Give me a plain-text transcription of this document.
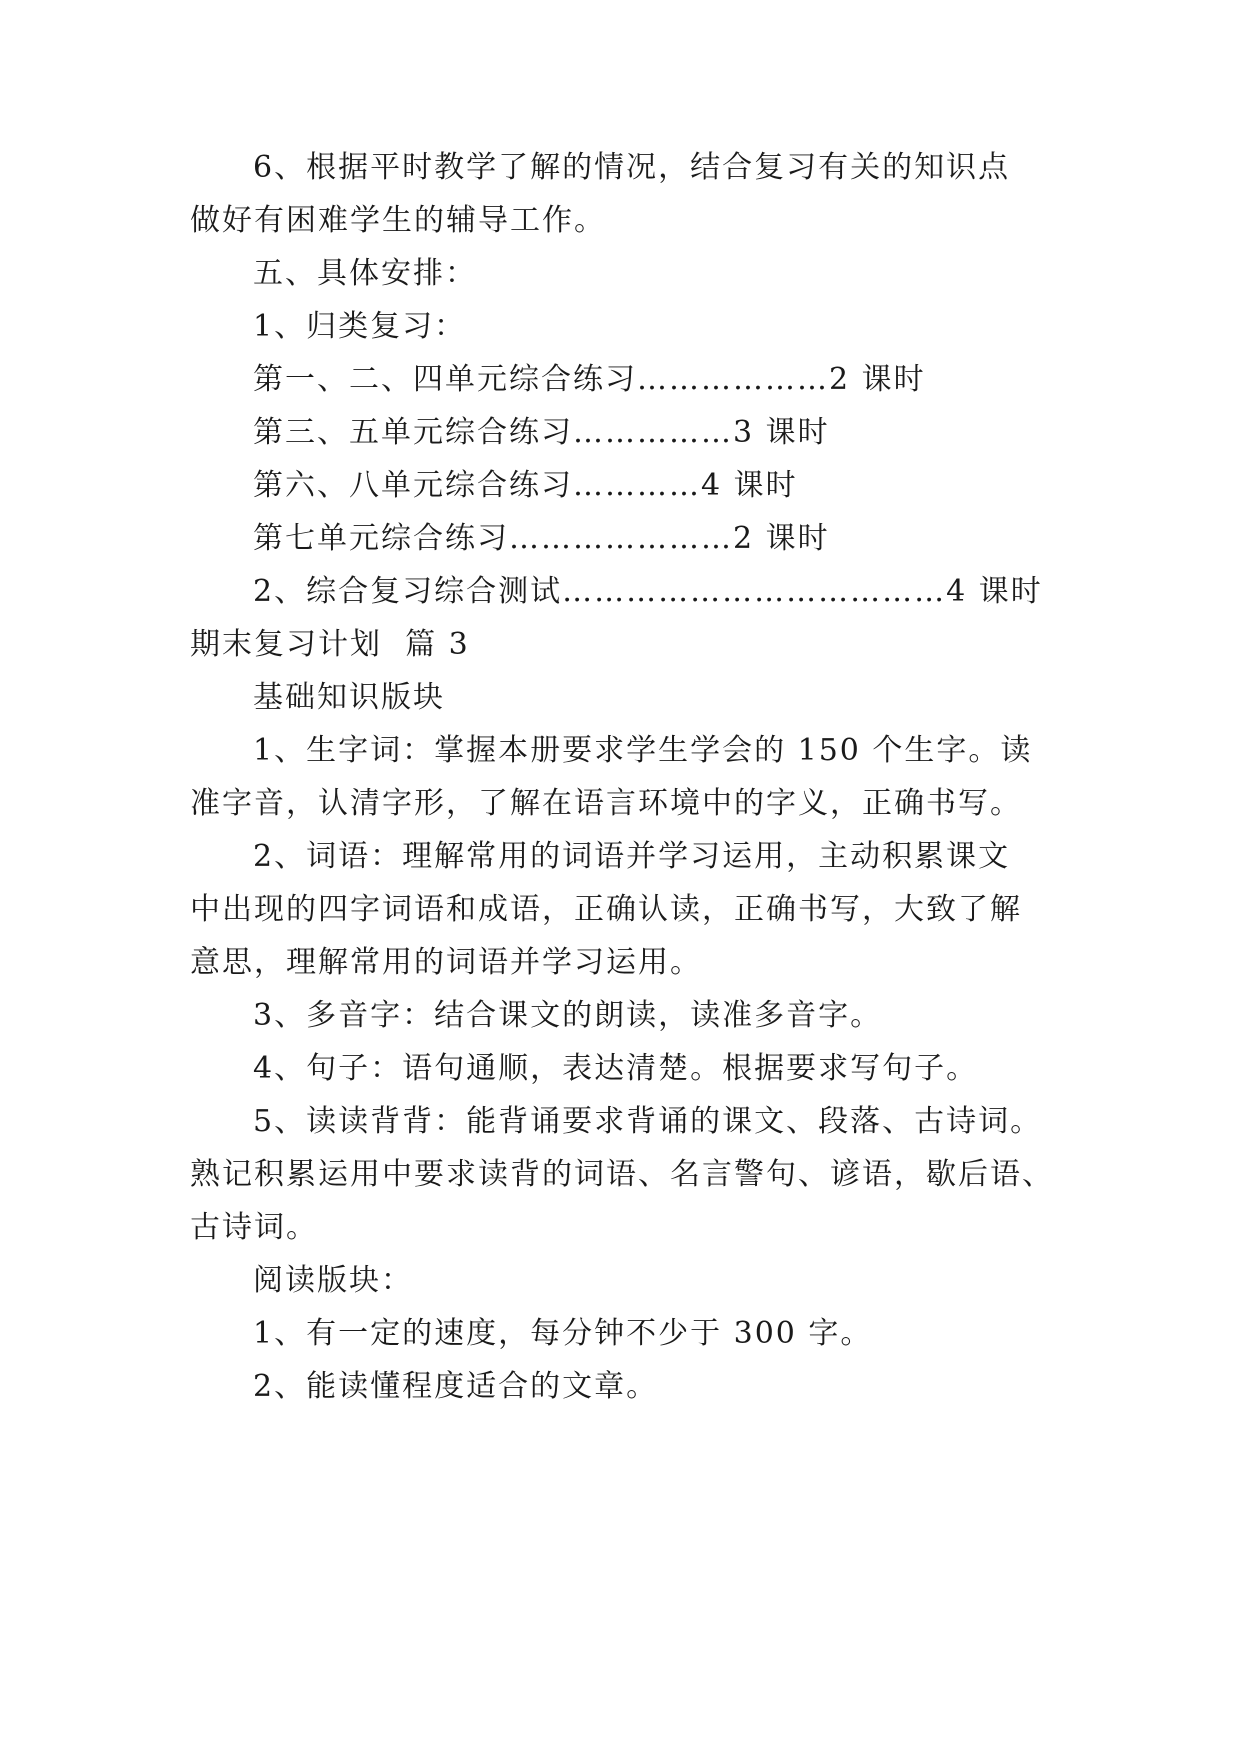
6、根据平时教学了解的情况，结合复习有关的知识点
做好有困难学生的辅导工作。
五、具体安排：
1、归类复习：
第一、二、四单元综合练习………………2 课时
第三、五单元综合练习……………3 课时
第六、八单元综合练习…………4 课时
第七单元综合练习…………………2 课时
2、综合复习综合测试………………………………4 课时
期末复习计划  篇 3
基础知识版块
1、生字词：掌握本册要求学生学会的 150 个生字。读
准字音，认清字形，了解在语言环境中的字义，正确书写。
2、词语：理解常用的词语并学习运用，主动积累课文
中出现的四字词语和成语，正确认读，正确书写，大致了解
意思，理解常用的词语并学习运用。
3、多音字：结合课文的朗读，读准多音字。
4、句子：语句通顺，表达清楚。根据要求写句子。
5、读读背背：能背诵要求背诵的课文、段落、古诗词。
熟记积累运用中要求读背的词语、名言警句、谚语，歇后语、
古诗词。
阅读版块：
1、有一定的速度，每分钟不少于 300 字。
2、能读懂程度适合的文章。
